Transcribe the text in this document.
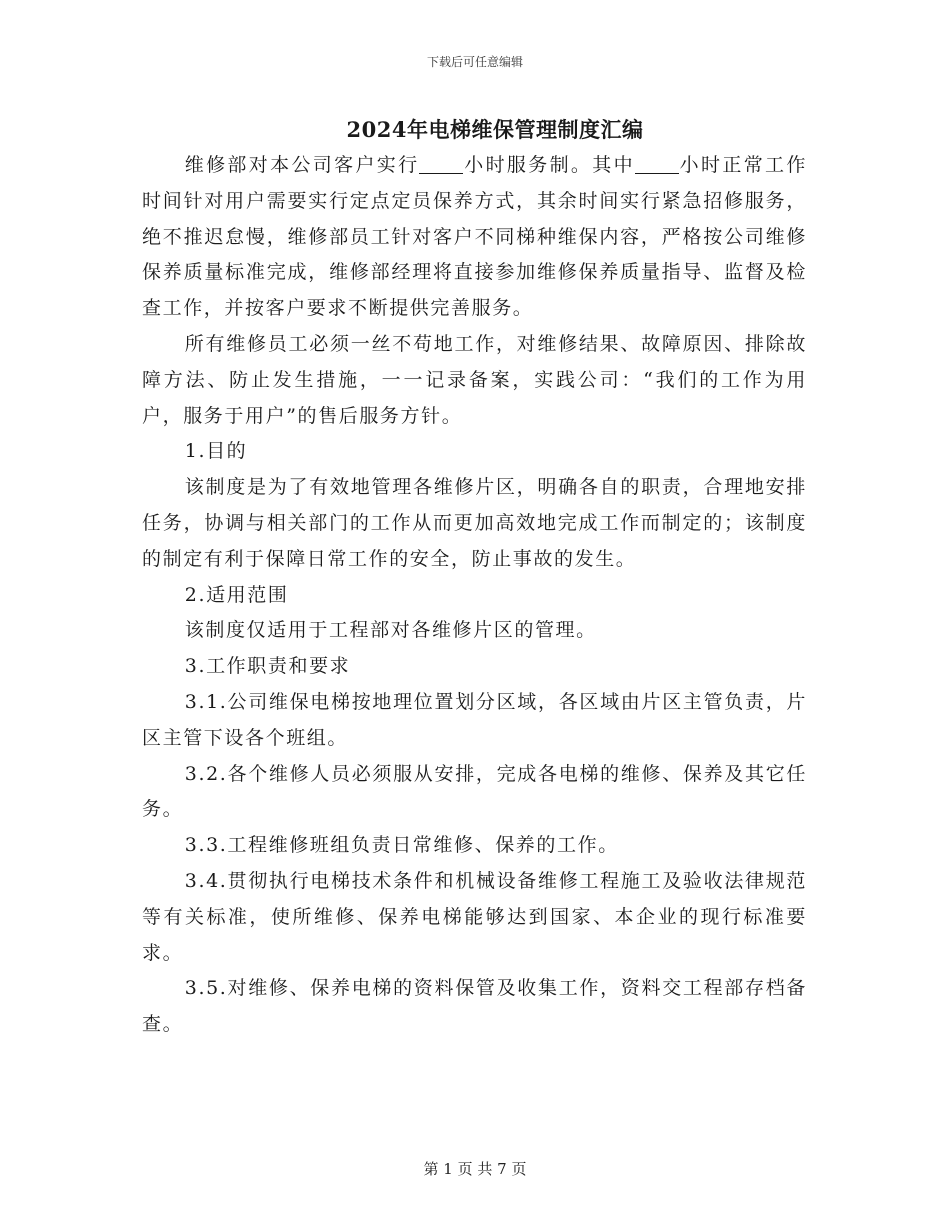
下载后可任意编辑
2024年电梯维保管理制度汇编

维修部对本公司客户实行 小时服务制。其中 小时正常工作时间针对用户需要实行定点定员保养方式，其余时间实行紧急招修服务，绝不推迟怠慢，维修部员工针对客户不同梯种维保内容，严格按公司维修保养质量标准完成，维修部经理将直接参加维修保养质量指导、监督及检查工作，并按客户要求不断提供完善服务。

所有维修员工必须一丝不苟地工作，对维修结果、故障原因、排除故障方法、防止发生措施，一一记录备案，实践公司：“我们的工作为用户，服务于用户”的售后服务方针。

1.目的

该制度是为了有效地管理各维修片区，明确各自的职责，合理地安排任务，协调与相关部门的工作从而更加高效地完成工作而制定的；该制度的制定有利于保障日常工作的安全，防止事故的发生。

2.适用范围

该制度仅适用于工程部对各维修片区的管理。

3.工作职责和要求

3.1.公司维保电梯按地理位置划分区域，各区域由片区主管负责，片区主管下设各个班组。

3.2.各个维修人员必须服从安排，完成各电梯的维修、保养及其它任务。

3.3.工程维修班组负责日常维修、保养的工作。

3.4.贯彻执行电梯技术条件和机械设备维修工程施工及验收法律规范等有关标准，使所维修、保养电梯能够达到国家、本企业的现行标准要求。

3.5.对维修、保养电梯的资料保管及收集工作，资料交工程部存档备查。

第 1 页 共 7 页
